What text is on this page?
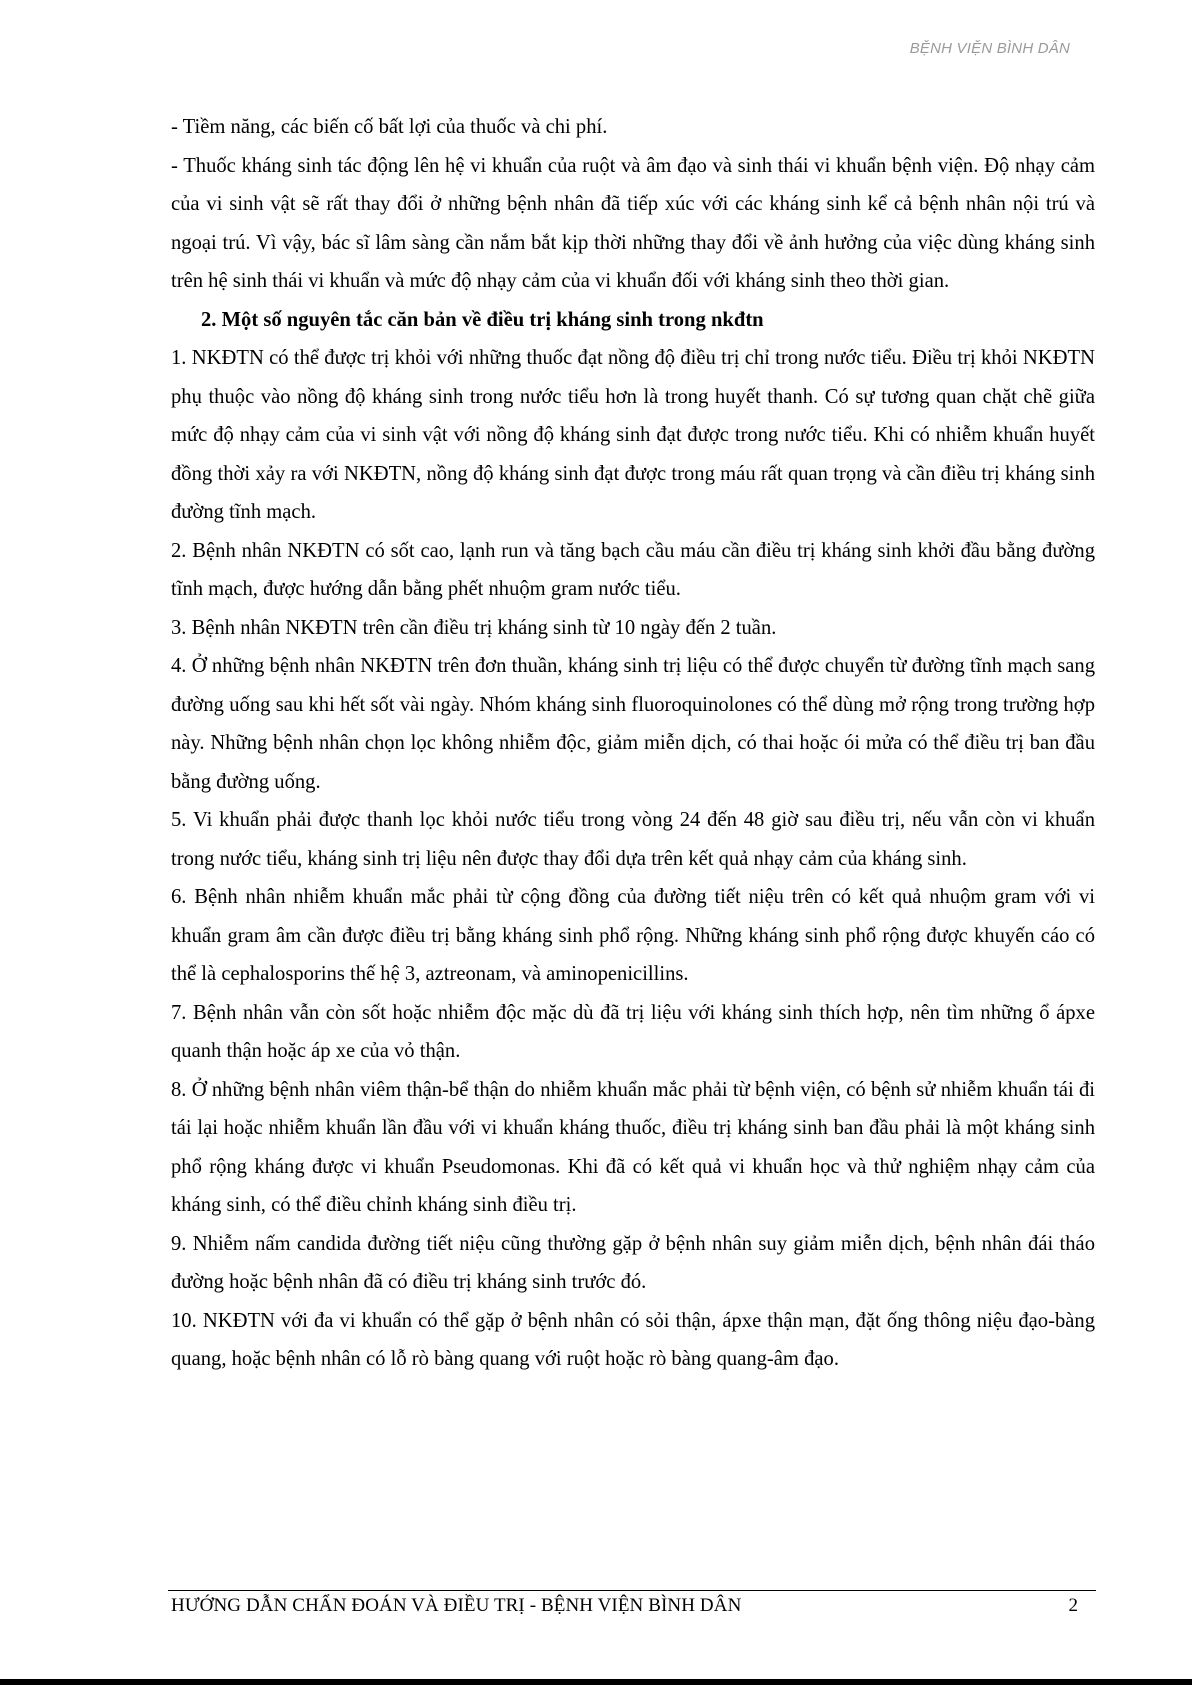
BỆNH VIỆN BÌNH DÂN

- Tiềm năng, các biến cố bất lợi của thuốc và chi phí.

- Thuốc kháng sinh tác động lên hệ vi khuẩn của ruột và âm đạo và sinh thái vi khuẩn bệnh viện. Độ nhạy cảm của vi sinh vật sẽ rất thay đổi ở những bệnh nhân đã tiếp xúc với các kháng sinh kể cả bệnh nhân nội trú và ngoại trú. Vì vậy, bác sĩ lâm sàng cần nắm bắt kịp thời những thay đổi về ảnh hưởng của việc dùng kháng sinh trên hệ sinh thái vi khuẩn và mức độ nhạy cảm của vi khuẩn đối với kháng sinh theo thời gian.

2. Một số nguyên tắc căn bản về điều trị kháng sinh trong nkđtn

1. NKĐTN có thể được trị khỏi với những thuốc đạt nồng độ điều trị chỉ trong nước tiểu. Điều trị khỏi NKĐTN phụ thuộc vào nồng độ kháng sinh trong nước tiểu hơn là trong huyết thanh. Có sự tương quan chặt chẽ giữa mức độ nhạy cảm của vi sinh vật với nồng độ kháng sinh đạt được trong nước tiểu. Khi có nhiễm khuẩn huyết đồng thời xảy ra với NKĐTN, nồng độ kháng sinh đạt được trong máu rất quan trọng và cần điều trị kháng sinh đường tĩnh mạch.

2. Bệnh nhân NKĐTN có sốt cao, lạnh run và tăng bạch cầu máu cần điều trị kháng sinh khởi đầu bằng đường tĩnh mạch, được hướng dẫn bằng phết nhuộm gram nước tiểu.

3. Bệnh nhân NKĐTN trên cần điều trị kháng sinh từ 10 ngày đến 2 tuần.

4. Ở những bệnh nhân NKĐTN trên đơn thuần, kháng sinh trị liệu có thể được chuyển từ đường tĩnh mạch sang đường uống sau khi hết sốt vài ngày. Nhóm kháng sinh fluoroquinolones có thể dùng mở rộng trong trường hợp này. Những bệnh nhân chọn lọc không nhiễm độc, giảm miễn dịch, có thai hoặc ói mửa có thể điều trị ban đầu bằng đường uống.

5. Vi khuẩn phải được thanh lọc khỏi nước tiểu trong vòng 24 đến 48 giờ sau điều trị, nếu vẫn còn vi khuẩn trong nước tiểu, kháng sinh trị liệu nên được thay đổi dựa trên kết quả nhạy cảm của kháng sinh.

6. Bệnh nhân nhiễm khuẩn mắc phải từ cộng đồng của đường tiết niệu trên có kết quả nhuộm gram với vi khuẩn gram âm cần được điều trị bằng kháng sinh phổ rộng. Những kháng sinh phổ rộng được khuyến cáo có thể là cephalosporins thế hệ 3, aztreonam, và aminopenicillins.

7. Bệnh nhân vẫn còn sốt hoặc nhiễm độc mặc dù đã trị liệu với kháng sinh thích hợp, nên tìm những ổ ápxe quanh thận hoặc áp xe của vỏ thận.

8. Ở những bệnh nhân viêm thận-bể thận do nhiễm khuẩn mắc phải từ bệnh viện, có bệnh sử nhiễm khuẩn tái đi tái lại hoặc nhiễm khuẩn lần đầu với vi khuẩn kháng thuốc, điều trị kháng sinh ban đầu phải là một kháng sinh phổ rộng kháng được vi khuẩn Pseudomonas. Khi đã có kết quả vi khuẩn học và thử nghiệm nhạy cảm của kháng sinh, có thể điều chỉnh kháng sinh điều trị.

9. Nhiễm nấm candida đường tiết niệu cũng thường gặp ở bệnh nhân suy giảm miễn dịch, bệnh nhân đái tháo đường hoặc bệnh nhân đã có điều trị kháng sinh trước đó.

10. NKĐTN với đa vi khuẩn có thể gặp ở bệnh nhân có sỏi thận, ápxe thận mạn, đặt ống thông niệu đạo-bàng quang, hoặc bệnh nhân có lỗ rò bàng quang với ruột hoặc rò bàng quang-âm đạo.

HƯỚNG DẪN CHẨN ĐOÁN VÀ ĐIỀU TRỊ - BỆNH VIỆN BÌNH DÂN	2
